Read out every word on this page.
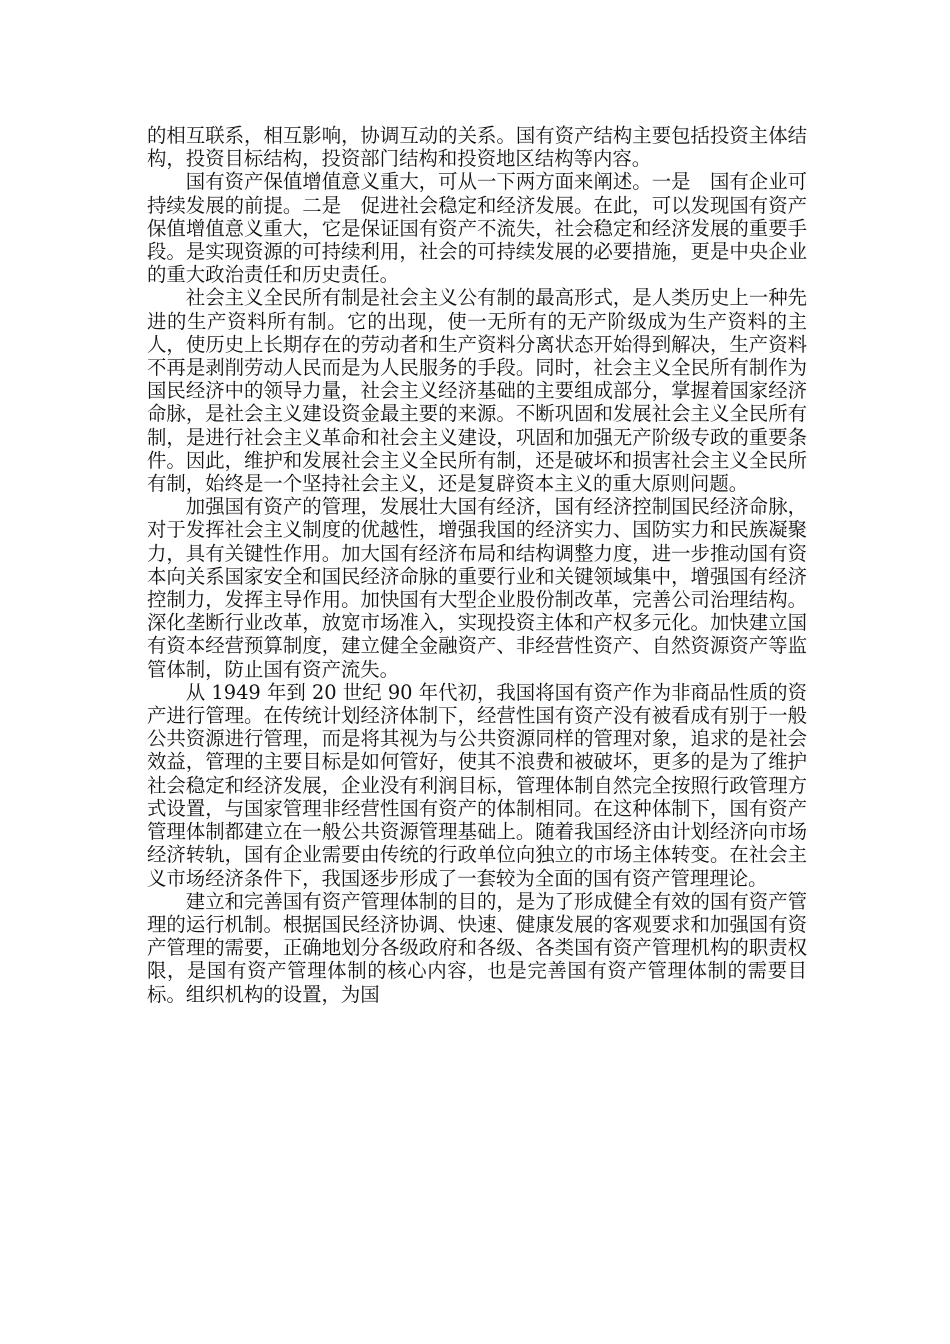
的相互联系，相互影响，协调互动的关系。国有资产结构主要包括投资主体结构，投资目标结构，投资部门结构和投资地区结构等内容。

国有资产保值增值意义重大，可从一下两方面来阐述。一是　国有企业可持续发展的前提。二是　促进社会稳定和经济发展。在此，可以发现国有资产保值增值意义重大，它是保证国有资产不流失，社会稳定和经济发展的重要手段。是实现资源的可持续利用，社会的可持续发展的必要措施，更是中央企业的重大政治责任和历史责任。

社会主义全民所有制是社会主义公有制的最高形式，是人类历史上一种先进的生产资料所有制。它的出现，使一无所有的无产阶级成为生产资料的主人，使历史上长期存在的劳动者和生产资料分离状态开始得到解决，生产资料不再是剥削劳动人民而是为人民服务的手段。同时，社会主义全民所有制作为国民经济中的领导力量，社会主义经济基础的主要组成部分，掌握着国家经济命脉，是社会主义建设资金最主要的来源。不断巩固和发展社会主义全民所有制，是进行社会主义革命和社会主义建设，巩固和加强无产阶级专政的重要条件。因此，维护和发展社会主义全民所有制，还是破坏和损害社会主义全民所有制，始终是一个坚持社会主义，还是复辟资本主义的重大原则问题。

加强国有资产的管理，发展壮大国有经济，国有经济控制国民经济命脉，对于发挥社会主义制度的优越性，增强我国的经济实力、国防实力和民族凝聚力，具有关键性作用。加大国有经济布局和结构调整力度，进一步推动国有资本向关系国家安全和国民经济命脉的重要行业和关键领域集中，增强国有经济控制力，发挥主导作用。加快国有大型企业股份制改革，完善公司治理结构。深化垄断行业改革，放宽市场准入，实现投资主体和产权多元化。加快建立国有资本经营预算制度，建立健全金融资产、非经营性资产、自然资源资产等监管体制，防止国有资产流失。

从 1949 年到 20 世纪 90 年代初，我国将国有资产作为非商品性质的资产进行管理。在传统计划经济体制下，经营性国有资产没有被看成有别于一般公共资源进行管理，而是将其视为与公共资源同样的管理对象，追求的是社会效益，管理的主要目标是如何管好，使其不浪费和被破坏，更多的是为了维护社会稳定和经济发展，企业没有利润目标，管理体制自然完全按照行政管理方式设置，与国家管理非经营性国有资产的体制相同。在这种体制下，国有资产管理体制都建立在一般公共资源管理基础上。随着我国经济由计划经济向市场经济转轨，国有企业需要由传统的行政单位向独立的市场主体转变。在社会主义市场经济条件下，我国逐步形成了一套较为全面的国有资产管理理论。

建立和完善国有资产管理体制的目的，是为了形成健全有效的国有资产管理的运行机制。根据国民经济协调、快速、健康发展的客观要求和加强国有资产管理的需要，正确地划分各级政府和各级、各类国有资产管理机构的职责权限，是国有资产管理体制的核心内容，也是完善国有资产管理体制的需要目标。组织机构的设置，为国
